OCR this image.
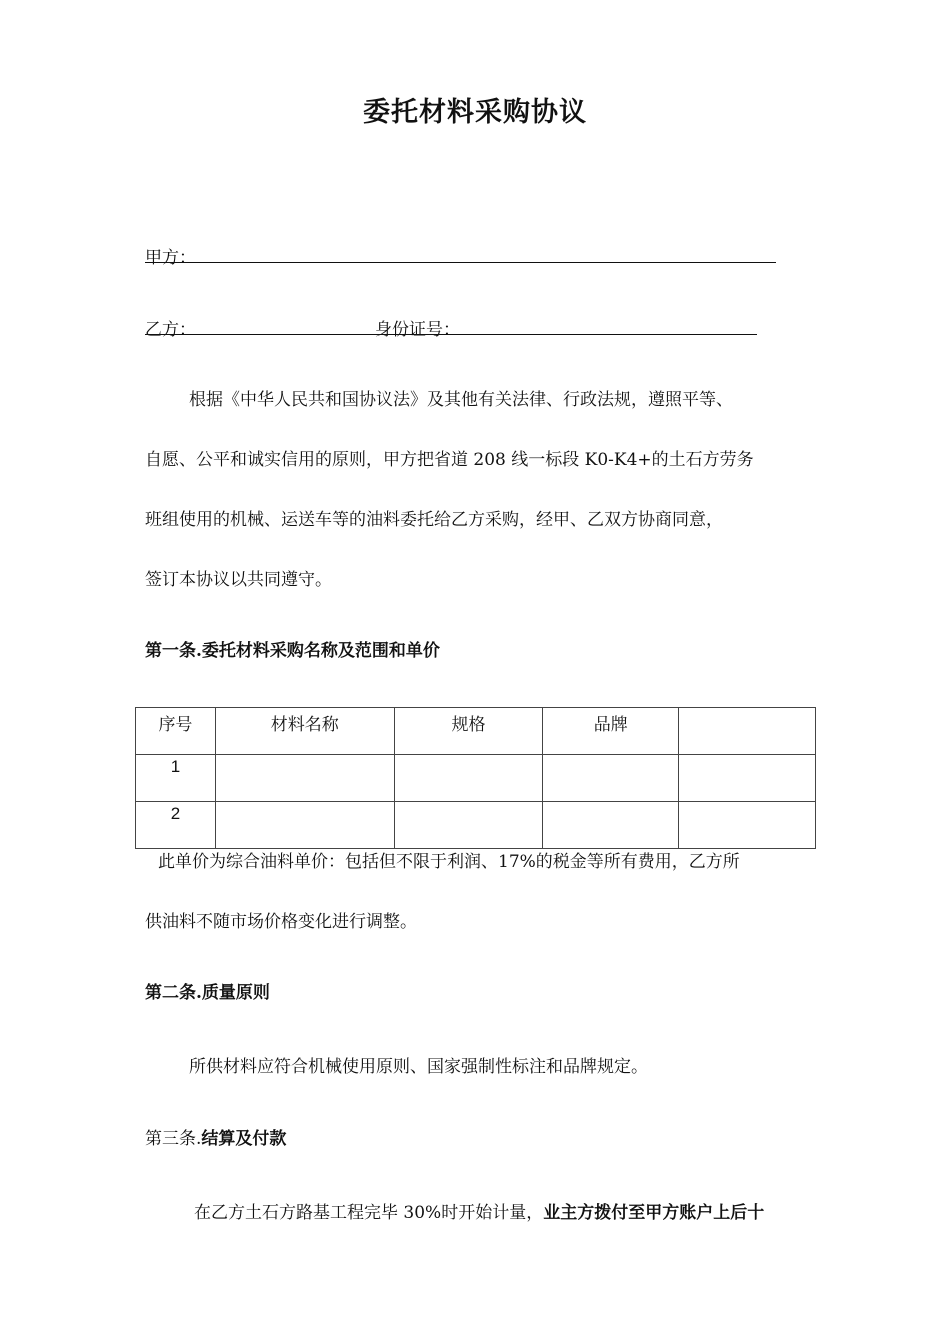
委托材料采购协议
甲方：
乙方：	身份证号：
根据《中华人民共和国协议法》及其他有关法律、行政法规，遵照平等、
自愿、公平和诚实信用的原则，甲方把省道 208 线一标段 K0-K4+的土石方劳务
班组使用的机械、运送车等的油料委托给乙方采购，经甲、乙双方协商同意，
签订本协议以共同遵守。
第一条.委托材料采购名称及范围和单价
序号	材料名称	规格	品牌	
1				
2				
此单价为综合油料单价：包括但不限于利润、17%的税金等所有费用，乙方所
供油料不随市场价格变化进行调整。
第二条.质量原则
所供材料应符合机械使用原则、国家强制性标注和品牌规定。
第三条.结算及付款
在乙方土石方路基工程完毕 30%时开始计量，业主方拨付至甲方账户上后十
